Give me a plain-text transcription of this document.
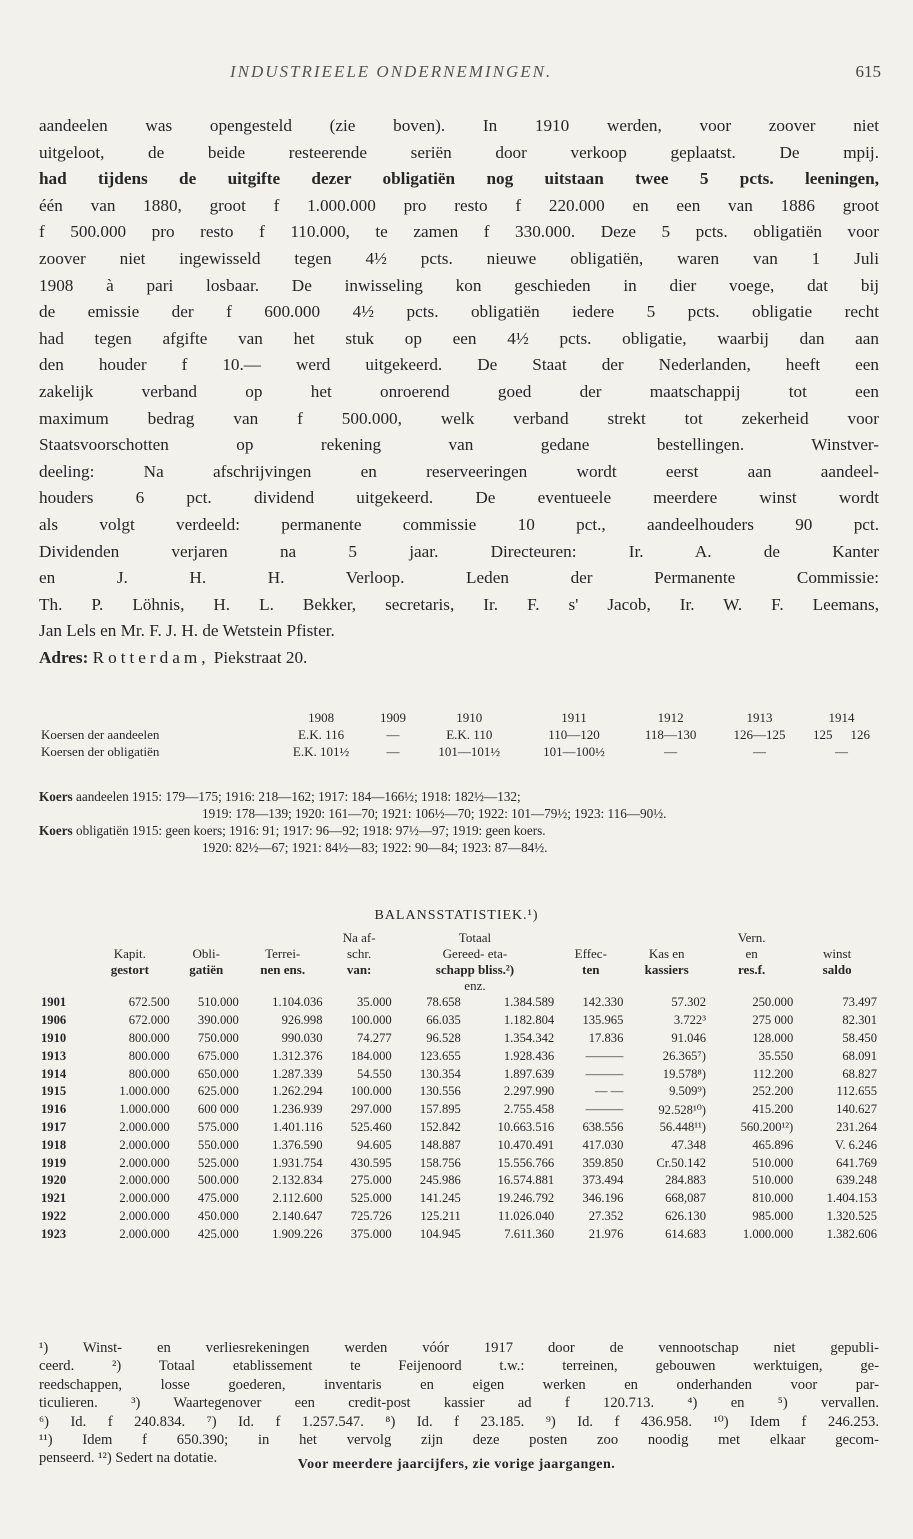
INDUSTRIEELE ONDERNEMINGEN.	615
aandeelen was opengesteld (zie boven). In 1910 werden, voor zoover niet
uitgeloot, de beide resteerende seriën door verkoop geplaatst. De mpij.
had tijdens de uitgifte dezer obligatiën nog uitstaan twee 5 pcts. leeningen,
één van 1880, groot f 1.000.000 pro resto f 220.000 en een van 1886 groot
f 500.000 pro resto f 110.000, te zamen f 330.000. Deze 5 pcts. obligatiën voor
zoover niet ingewisseld tegen 4½ pcts. nieuwe obligatiën, waren van 1 Juli
1908 à pari losbaar. De inwisseling kon geschieden in dier voege, dat bij
de emissie der f 600.000 4½ pcts. obligatiën iedere 5 pcts. obligatie recht
had tegen afgifte van het stuk op een 4½ pcts. obligatie, waarbij dan aan
den houder f 10.— werd uitgekeerd. De Staat der Nederlanden, heeft een
zakelijk verband op het onroerend goed der maatschappij tot een
maximum bedrag van f 500.000, welk verband strekt tot zekerheid voor
Staatsvoorschotten op rekening van gedane bestellingen. Winstver-
deeling: Na afschrijvingen en reserveeringen wordt eerst aan aandeel-
houders 6 pct. dividend uitgekeerd. De eventueele meerdere winst wordt
als volgt verdeeld: permanente commissie 10 pct., aandeelhouders 90 pct.
Dividenden verjaren na 5 jaar. Directeuren: Ir. A. de Kanter
en J. H. H. Verloop. Leden der Permanente Commissie:
Th. P. Löhnis, H. L. Bekker, secretaris, Ir. F. s' Jacob, Ir. W. F. Leemans,
Jan Lels en Mr. F. J. H. de Wetstein Pfister.
Adres: Rotterdam, Piekstraat 20.
	1908	1909	1910	1911	1912	1913	1914	
Koersen der aandeelen	E.K. 116	—	E.K. 110	110—120	118—130	126—125	125	126
Koersen der obligatiën	E.K. 101½	—	101—101½	101—100½	—	—	—	
Koers aandeelen 1915: 179—175; 1916: 218—162; 1917: 184—166½; 1918: 182½—132;
1919: 178—139; 1920: 161—70; 1921: 106½—70; 1922: 101—79½; 1923: 116—90½.
Koers obligatiën 1915: geen koers; 1916: 91; 1917: 96—92; 1918: 97½—97; 1919: geen koers.
1920: 82½—67; 1921: 84½—83; 1922: 90—84; 1923: 87—84½.
BALANSSTATISTIEK.¹)
				Na af-	Totaal				Vern.	
	Kapit.	Obli-	Terrei-	schr.	Gereed- eta-		Effec-	Kas en	en	winst
	gestort	gatiën	nen ens.	van:	schapp bliss.²)		ten	kassiers	res.f.	saldo
					enz.					
1901	672.500	510.000	1.104.036	35.000	78.658	1.384.589	142.330	57.302	250.000	73.497
1906	672.000	390.000	926.998	100.000	66.035	1.182.804	135.965	3.722³	275 000	82.301
1910	800.000	750.000	990.030	74.277	96.528	1.354.342	17.836	91.046	128.000	58.450
1913	800.000	675.000	1.312.376	184.000	123.655	1.928.436	———	26.365⁷)	35.550	68.091
1914	800.000	650.000	1.287.339	54.550	130.354	1.897.639	———	19.578⁸)	112.200	68.827
1915	1.000.000	625.000	1.262.294	100.000	130.556	2.297.990	— —	9.509⁹)	252.200	112.655
1916	1.000.000	600 000	1.236.939	297.000	157.895	2.755.458	———	92.528¹⁰)	415.200	140.627
1917	2.000.000	575.000	1.401.116	525.460	152.842	10.663.516	638.556	56.448¹¹)	560.200¹²)	231.264
1918	2.000.000	550.000	1.376.590	94.605	148.887	10.470.491	417.030	47.348	465.896	V. 6.246
1919	2.000.000	525.000	1.931.754	430.595	158.756	15.556.766	359.850	Cr.50.142	510.000	641.769
1920	2.000.000	500.000	2.132.834	275.000	245.986	16.574.881	373.494	284.883	510.000	639.248
1921	2.000.000	475.000	2.112.600	525.000	141.245	19.246.792	346.196	668,087	810.000	1.404.153
1922	2.000.000	450.000	2.140.647	725.726	125.211	11.026.040	27.352	626.130	985.000	1.320.525
1923	2.000.000	425.000	1.909.226	375.000	104.945	7.611.360	21.976	614.683	1.000.000	1.382.606
¹) Winst- en verliesrekeningen werden vóór 1917 door de vennootschap niet gepubli-
ceerd. ²) Totaal etablissement te Feijenoord t.w.: terreinen, gebouwen werktuigen, ge-
reedschappen, losse goederen, inventaris en eigen werken en onderhanden voor par-
ticulieren. ³) Waartegenover een credit-post kassier ad f 120.713. ⁴) en ⁵) vervallen.
⁶) Id. f 240.834. ⁷) Id. f 1.257.547. ⁸) Id. f 23.185. ⁹) Id. f 436.958. ¹⁰) Idem f 246.253.
¹¹) Idem f 650.390; in het vervolg zijn deze posten zoo noodig met elkaar gecom-
penseerd. ¹²) Sedert na dotatie.	Voor meerdere jaarcijfers, zie vorige jaargangen.
